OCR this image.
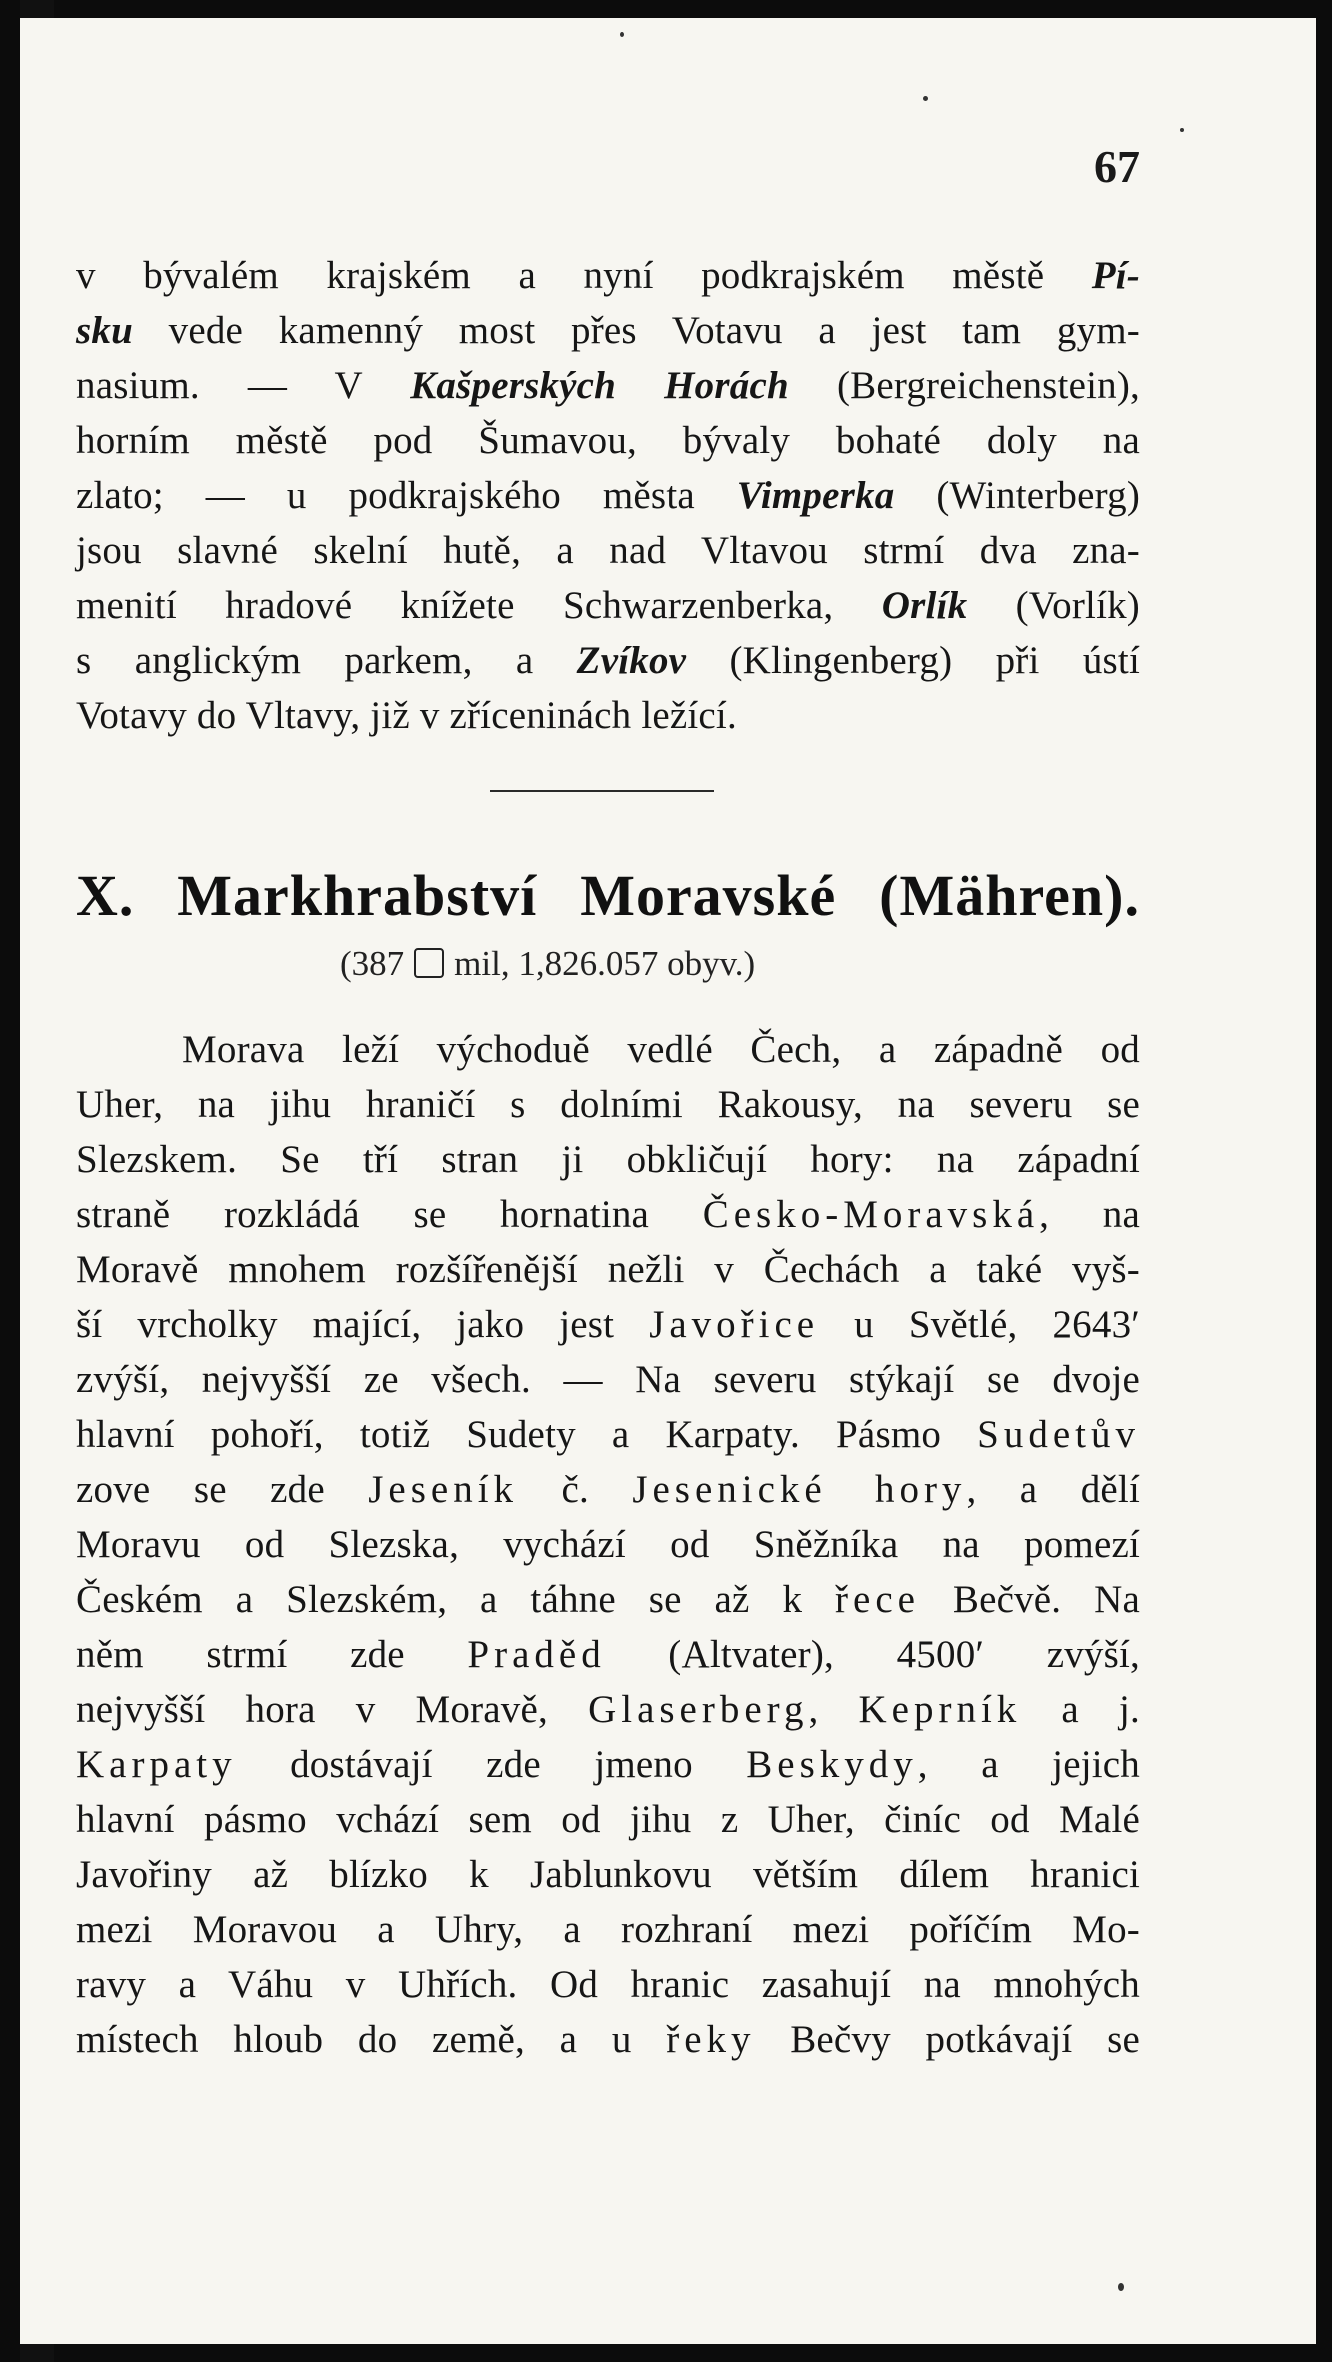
67
v bývalém krajském a nyní podkrajském městě Pí-
sku vede kamenný most přes Votavu a jest tam gym-
nasium. — V Kašperských Horách (Bergreichenstein),
horním městě pod Šumavou, bývaly bohaté doly na
zlato; — u podkrajského města Vimperka (Winterberg)
jsou slavné skelní hutě, a nad Vltavou strmí dva zna-
menití hradové knížete Schwarzenberka, Orlík (Vorlík)
s anglickým parkem, a Zvíkov (Klingenberg) při ústí
Votavy do Vltavy, již v zříceninách ležící.
X. Markhrabství Moravské (Mähren).
(387 mil, 1,826.057 obyv.)
Morava leží východuě vedlé Čech, a západně od
Uher, na jihu hraničí s dolními Rakousy, na severu se
Slezskem. Se tří stran ji obkličují hory: na západní
straně rozkládá se hornatina Česko-Moravská, na
Moravě mnohem rozšířenější nežli v Čechách a také vyš-
ší vrcholky mající, jako jest Javořice u Světlé, 2643′
zvýší, nejvyšší ze všech. — Na severu stýkají se dvoje
hlavní pohoří, totiž Sudety a Karpaty. Pásmo Sudetův
zove se zde Jeseník č. Jesenické hory, a dělí
Moravu od Slezska, vychází od Sněžníka na pomezí
Českém a Slezském, a táhne se až k řece Bečvě. Na
něm strmí zde Praděd (Altvater), 4500′ zvýší,
nejvyšší hora v Moravě, Glaserberg, Keprník a j.
Karpaty dostávají zde jmeno Beskydy, a jejich
hlavní pásmo vchází sem od jihu z Uher, činíc od Malé
Javořiny až blízko k Jablunkovu větším dílem hranici
mezi Moravou a Uhry, a rozhraní mezi poříčím Mo-
ravy a Váhu v Uhřích. Od hranic zasahují na mnohých
místech hloub do země, a u řeky Bečvy potkávají se
